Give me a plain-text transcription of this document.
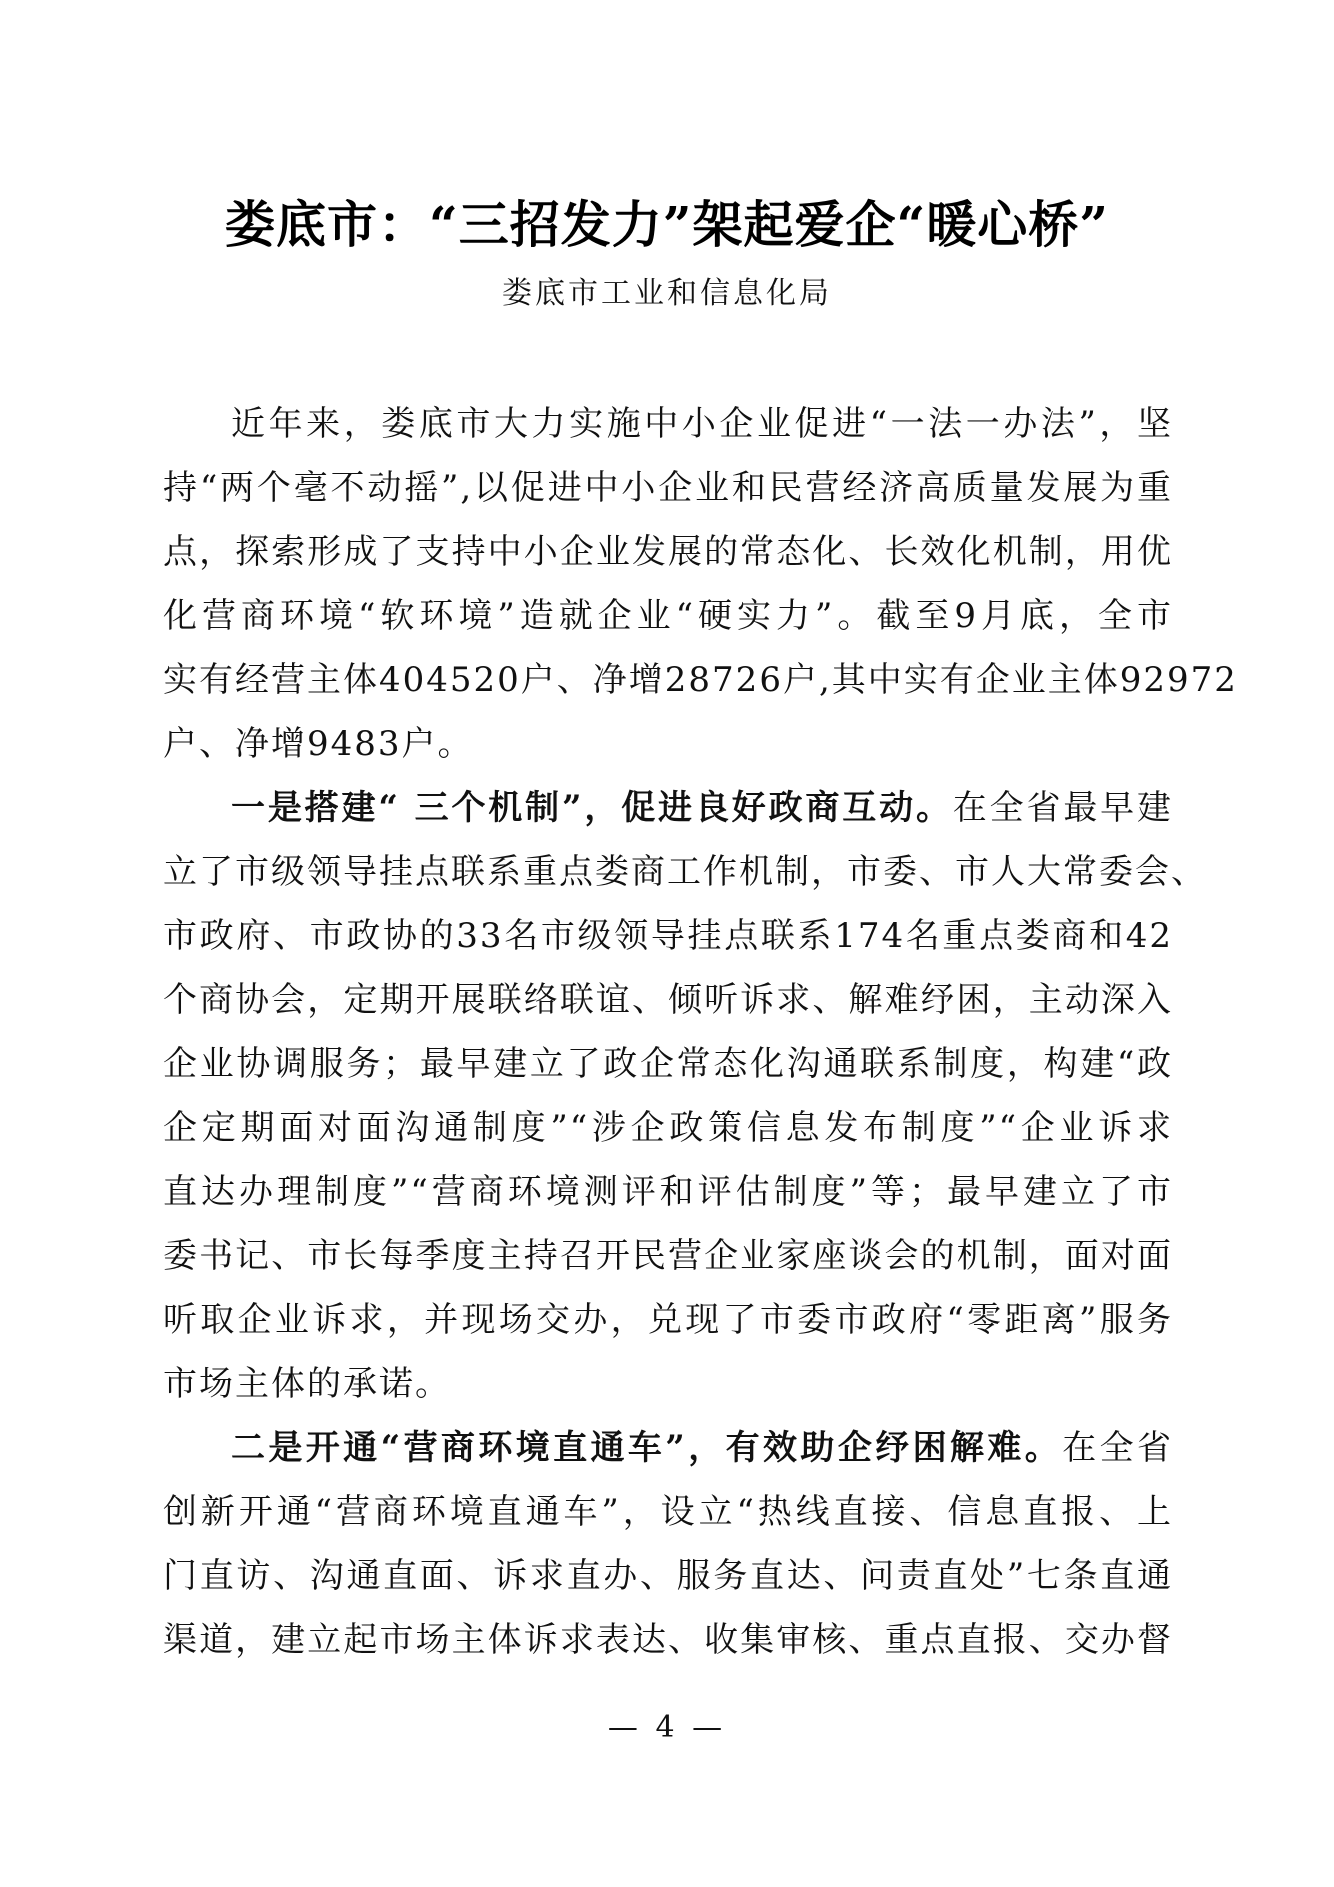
娄底市：“三招发力”架起爱企“暖心桥”
娄底市工业和信息化局
近年来，娄底市大力实施中小企业促进“一法一办法”，坚
持“两个毫不动摇”,以促进中小企业和民营经济高质量发展为重
点，探索形成了支持中小企业发展的常态化、长效化机制，用优
化营商环境“软环境”造就企业“硬实力”。截至9月底，全市
实有经营主体404520户、净增28726户,其中实有企业主体92972
户、净增9483户。
一是搭建“ 三个机制”，促进良好政商互动。在全省最早建
立了市级领导挂点联系重点娄商工作机制，市委、市人大常委会、
市政府、市政协的33名市级领导挂点联系174名重点娄商和42
个商协会，定期开展联络联谊、倾听诉求、解难纾困，主动深入
企业协调服务；最早建立了政企常态化沟通联系制度，构建“政
企定期面对面沟通制度”“涉企政策信息发布制度”“企业诉求
直达办理制度”“营商环境测评和评估制度”等；最早建立了市
委书记、市长每季度主持召开民营企业家座谈会的机制，面对面
听取企业诉求，并现场交办，兑现了市委市政府“零距离”服务
市场主体的承诺。
二是开通“营商环境直通车”，有效助企纾困解难。在全省
创新开通“营商环境直通车”，设立“热线直接、信息直报、上
门直访、沟通直面、诉求直办、服务直达、问责直处”七条直通
渠道，建立起市场主体诉求表达、收集审核、重点直报、交办督
— 4 —
